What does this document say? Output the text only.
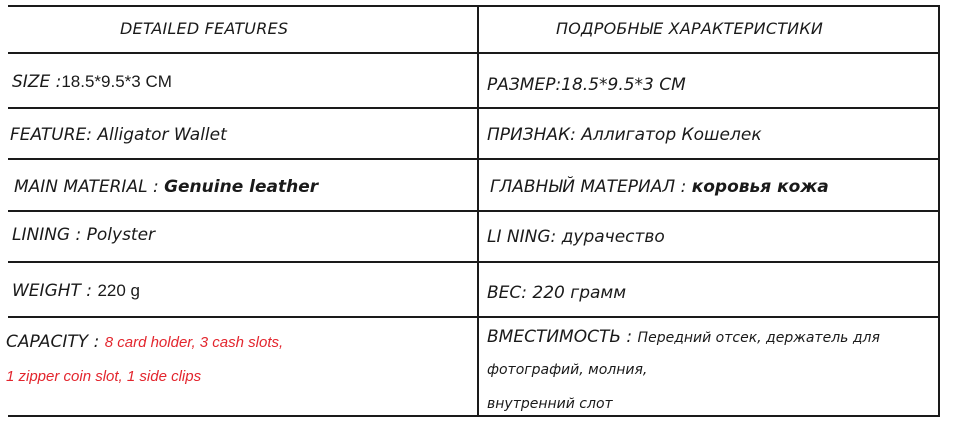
DETAILED FEATURES	ПОДРОБНЫЕ ХАРАКТЕРИСТИКИ
SIZE :18.5*9.5*3 CM	РАЗМЕР:18.5*9.5*3 CM
FEATURE: Alligator Wallet	ПРИЗНАК: Аллигатор Кошелек
MAIN MATERIAL : Genuine leather	ГЛАВНЫЙ МАТЕРИАЛ : коровья кожа
LINING : Polyster	LI NING: дурачество
WEIGHT : 220 g	ВЕС: 220 грамм
CAPACITY : 8 card holder, 3 cash slots,
1 zipper coin slot, 1 side clips
ВМЕСТИМОСТЬ : Передний отсек, держатель для
фотографий, молния,
внутренний слот
